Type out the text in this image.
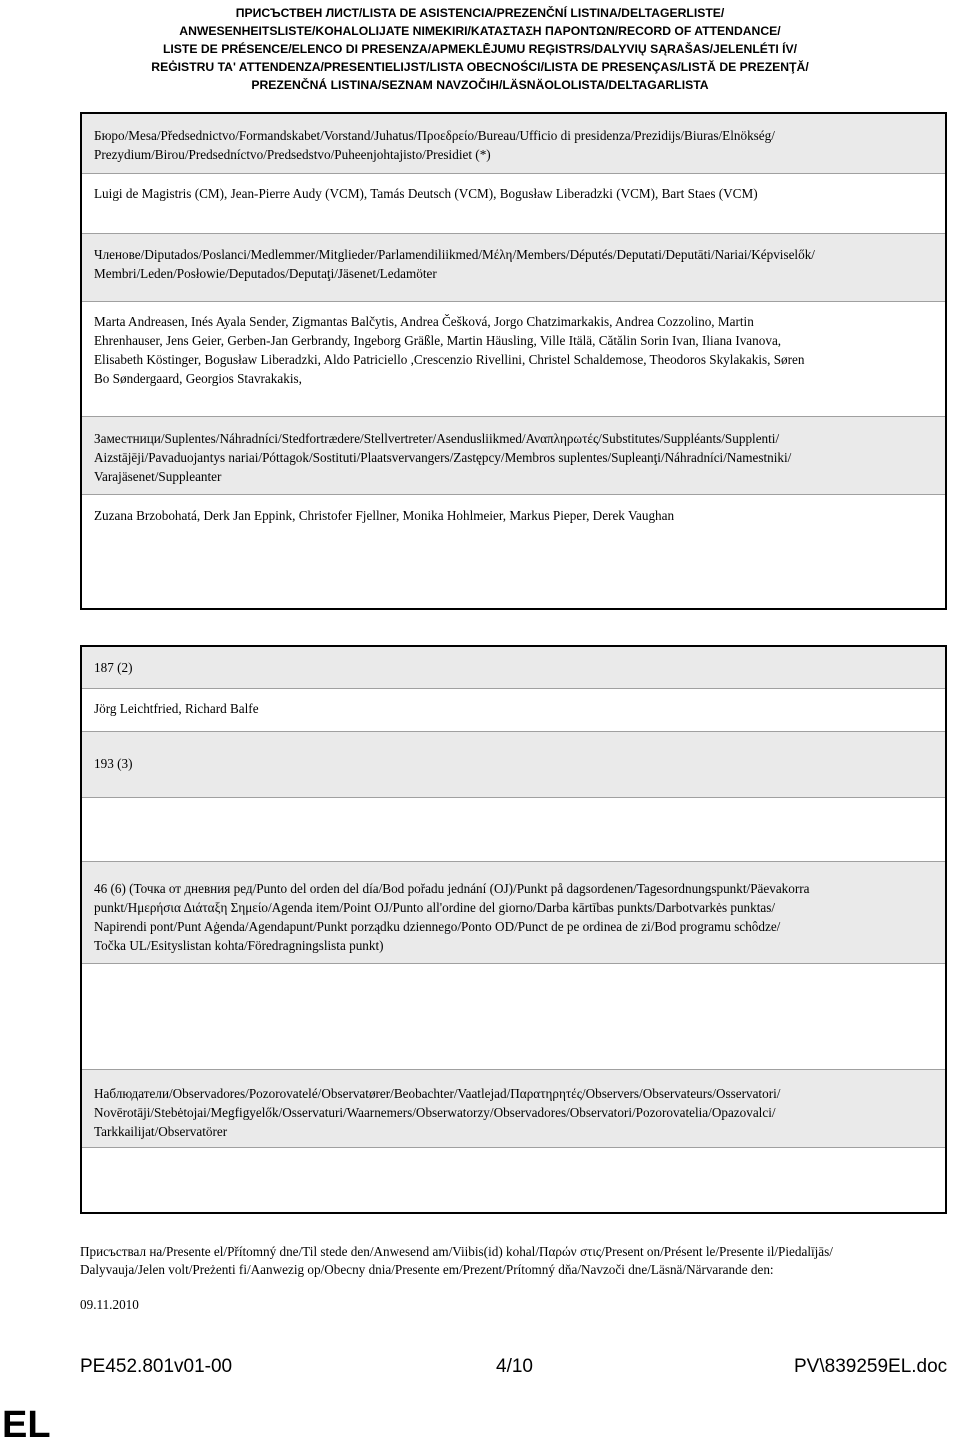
ПРИСЪСТВЕН ЛИСТ/LISTA DE ASISTENCIA/PREZENČNÍ LISTINA/DELTAGERLISTE/
ANWESENHEITSLISTE/KOHALOLIJATE NIMEKIRI/ΚΑΤΑΣΤΑΣΗ ΠΑΡΟΝΤΩΝ/RECORD OF ATTENDANCE/
LISTE DE PRÉSENCE/ELENCO DI PRESENZA/APMEKLĒJUMU REĢISTRS/DALYVIŲ SĄRAŠAS/JELENLÉTI ÍV/
REĠISTRU TA' ATTENDENZA/PRESENTIELIJST/LISTA OBECNOŚCI/LISTA DE PRESENÇAS/LISTĂ DE PREZENŢĂ/
PREZENČNÁ LISTINA/SEZNAM NAVZOČIH/LÄSNÄOLOLISTA/DELTAGARLISTA
Бюро/Mesa/Předsednictvo/Formandskabet/Vorstand/Juhatus/Προεδρείο/Bureau/Ufficio di presidenza/Prezidijs/Biuras/Elnökség/
Prezydium/Birou/Predsedníctvo/Predsedstvo/Puheenjohtajisto/Presidiet (*)
Luigi de Magistris (CM), Jean-Pierre Audy (VCM), Tamás Deutsch (VCM), Bogusław Liberadzki (VCM), Bart Staes (VCM)
Членове/Diputados/Poslanci/Medlemmer/Mitglieder/Parlamendiliikmed/Μέλη/Members/Députés/Deputati/Deputāti/Nariai/Képviselők/
Membri/Leden/Posłowie/Deputados/Deputaţi/Jäsenet/Ledamöter
Marta Andreasen, Inés Ayala Sender, Zigmantas Balčytis, Andrea Češková, Jorgo Chatzimarkakis, Andrea Cozzolino, Martin
Ehrenhauser, Jens Geier, Gerben-Jan Gerbrandy, Ingeborg Gräßle, Martin Häusling, Ville Itälä, Cătălin Sorin Ivan, Iliana Ivanova,
Elisabeth Köstinger, Bogusław Liberadzki, Aldo Patriciello ,Crescenzio Rivellini, Christel Schaldemose, Theodoros Skylakakis, Søren
Bo Søndergaard, Georgios Stavrakakis,
Заместници/Suplentes/Náhradníci/Stedfortrædere/Stellvertreter/Asendusliikmed/Αναπληρωτές/Substitutes/Suppléants/Supplenti/
Aizstājēji/Pavaduojantys nariai/Póttagok/Sostituti/Plaatsvervangers/Zastępcy/Membros suplentes/Supleanţi/Náhradníci/Namestniki/
Varajäsenet/Suppleanter
Zuzana Brzobohatá, Derk Jan Eppink, Christofer Fjellner, Monika Hohlmeier, Markus Pieper, Derek Vaughan
187 (2)
Jörg Leichtfried, Richard Balfe
193 (3)
46 (6) (Точка от дневния ред/Punto del orden del día/Bod pořadu jednání (OJ)/Punkt på dagsordenen/Tagesordnungspunkt/Päevakorra
punkt/Ημερήσια Διάταξη Σημείο/Agenda item/Point OJ/Punto all'ordine del giorno/Darba kārtības punkts/Darbotvarkės punktas/
Napirendi pont/Punt Aġenda/Agendapunt/Punkt porządku dziennego/Ponto OD/Punct de pe ordinea de zi/Bod programu schôdze/
Točka UL/Esityslistan kohta/Föredragningslista punkt)
Наблюдатели/Observadores/Pozorovatelé/Observatører/Beobachter/Vaatlejad/Παρατηρητές/Observers/Observateurs/Osservatori/
Novērotāji/Stebėtojai/Megfigyelők/Osservaturi/Waarnemers/Obserwatorzy/Observadores/Observatori/Pozorovatelia/Opazovalci/
Tarkkailijat/Observatörer
Присъствал на/Presente el/Přítomný dne/Til stede den/Anwesend am/Viibis(id) kohal/Παρών στις/Present on/Présent le/Presente il/Piedalījās/
Dalyvauja/Jelen volt/Preżenti fi/Aanwezig op/Obecny dnia/Presente em/Prezent/Prítomný dňa/Navzoči dne/Läsnä/Närvarande den:
09.11.2010
PE452.801v01-00	4/10	PV\839259EL.doc
EL
